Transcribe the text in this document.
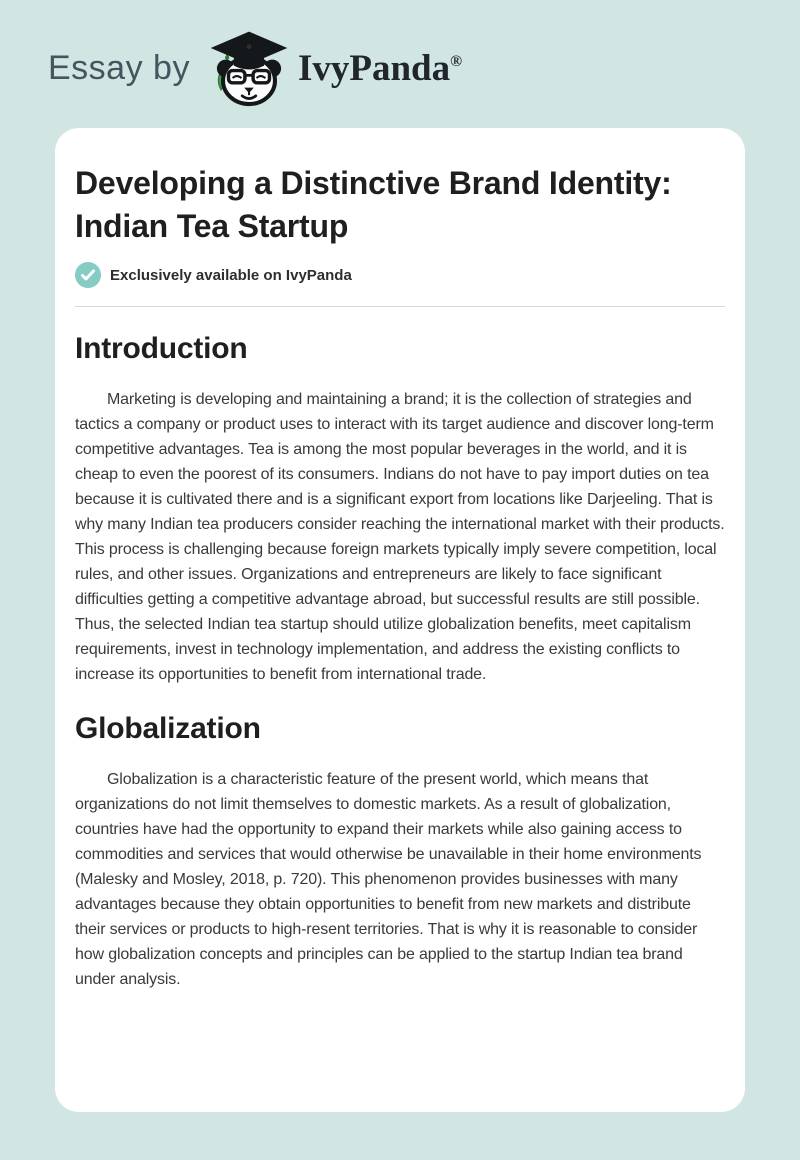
Essay by	IvyPanda®
Developing a Distinctive Brand Identity:
Indian Tea Startup
Exclusively available on IvyPanda
Introduction

Marketing is developing and maintaining a brand; it is the collection of strategies and tactics a company or product uses to interact with its target audience and discover long-term competitive advantages. Tea is among the most popular beverages in the world, and it is cheap to even the poorest of its consumers. Indians do not have to pay import duties on tea because it is cultivated there and is a significant export from locations like Darjeeling. That is why many Indian tea producers consider reaching the international market with their products. This process is challenging because foreign markets typically imply severe competition, local rules, and other issues. Organizations and entrepreneurs are likely to face significant difficulties getting a competitive advantage abroad, but successful results are still possible. Thus, the selected Indian tea startup should utilize globalization benefits, meet capitalism requirements, invest in technology implementation, and address the existing conflicts to increase its opportunities to benefit from international trade.

Globalization

Globalization is a characteristic feature of the present world, which means that organizations do not limit themselves to domestic markets. As a result of globalization, countries have had the opportunity to expand their markets while also gaining access to commodities and services that would otherwise be unavailable in their home environments (Malesky and Mosley, 2018, p. 720). This phenomenon provides businesses with many advantages because they obtain opportunities to benefit from new markets and distribute their services or products to high-resent territories. That is why it is reasonable to consider how globalization concepts and principles can be applied to the startup Indian tea brand under analysis.
